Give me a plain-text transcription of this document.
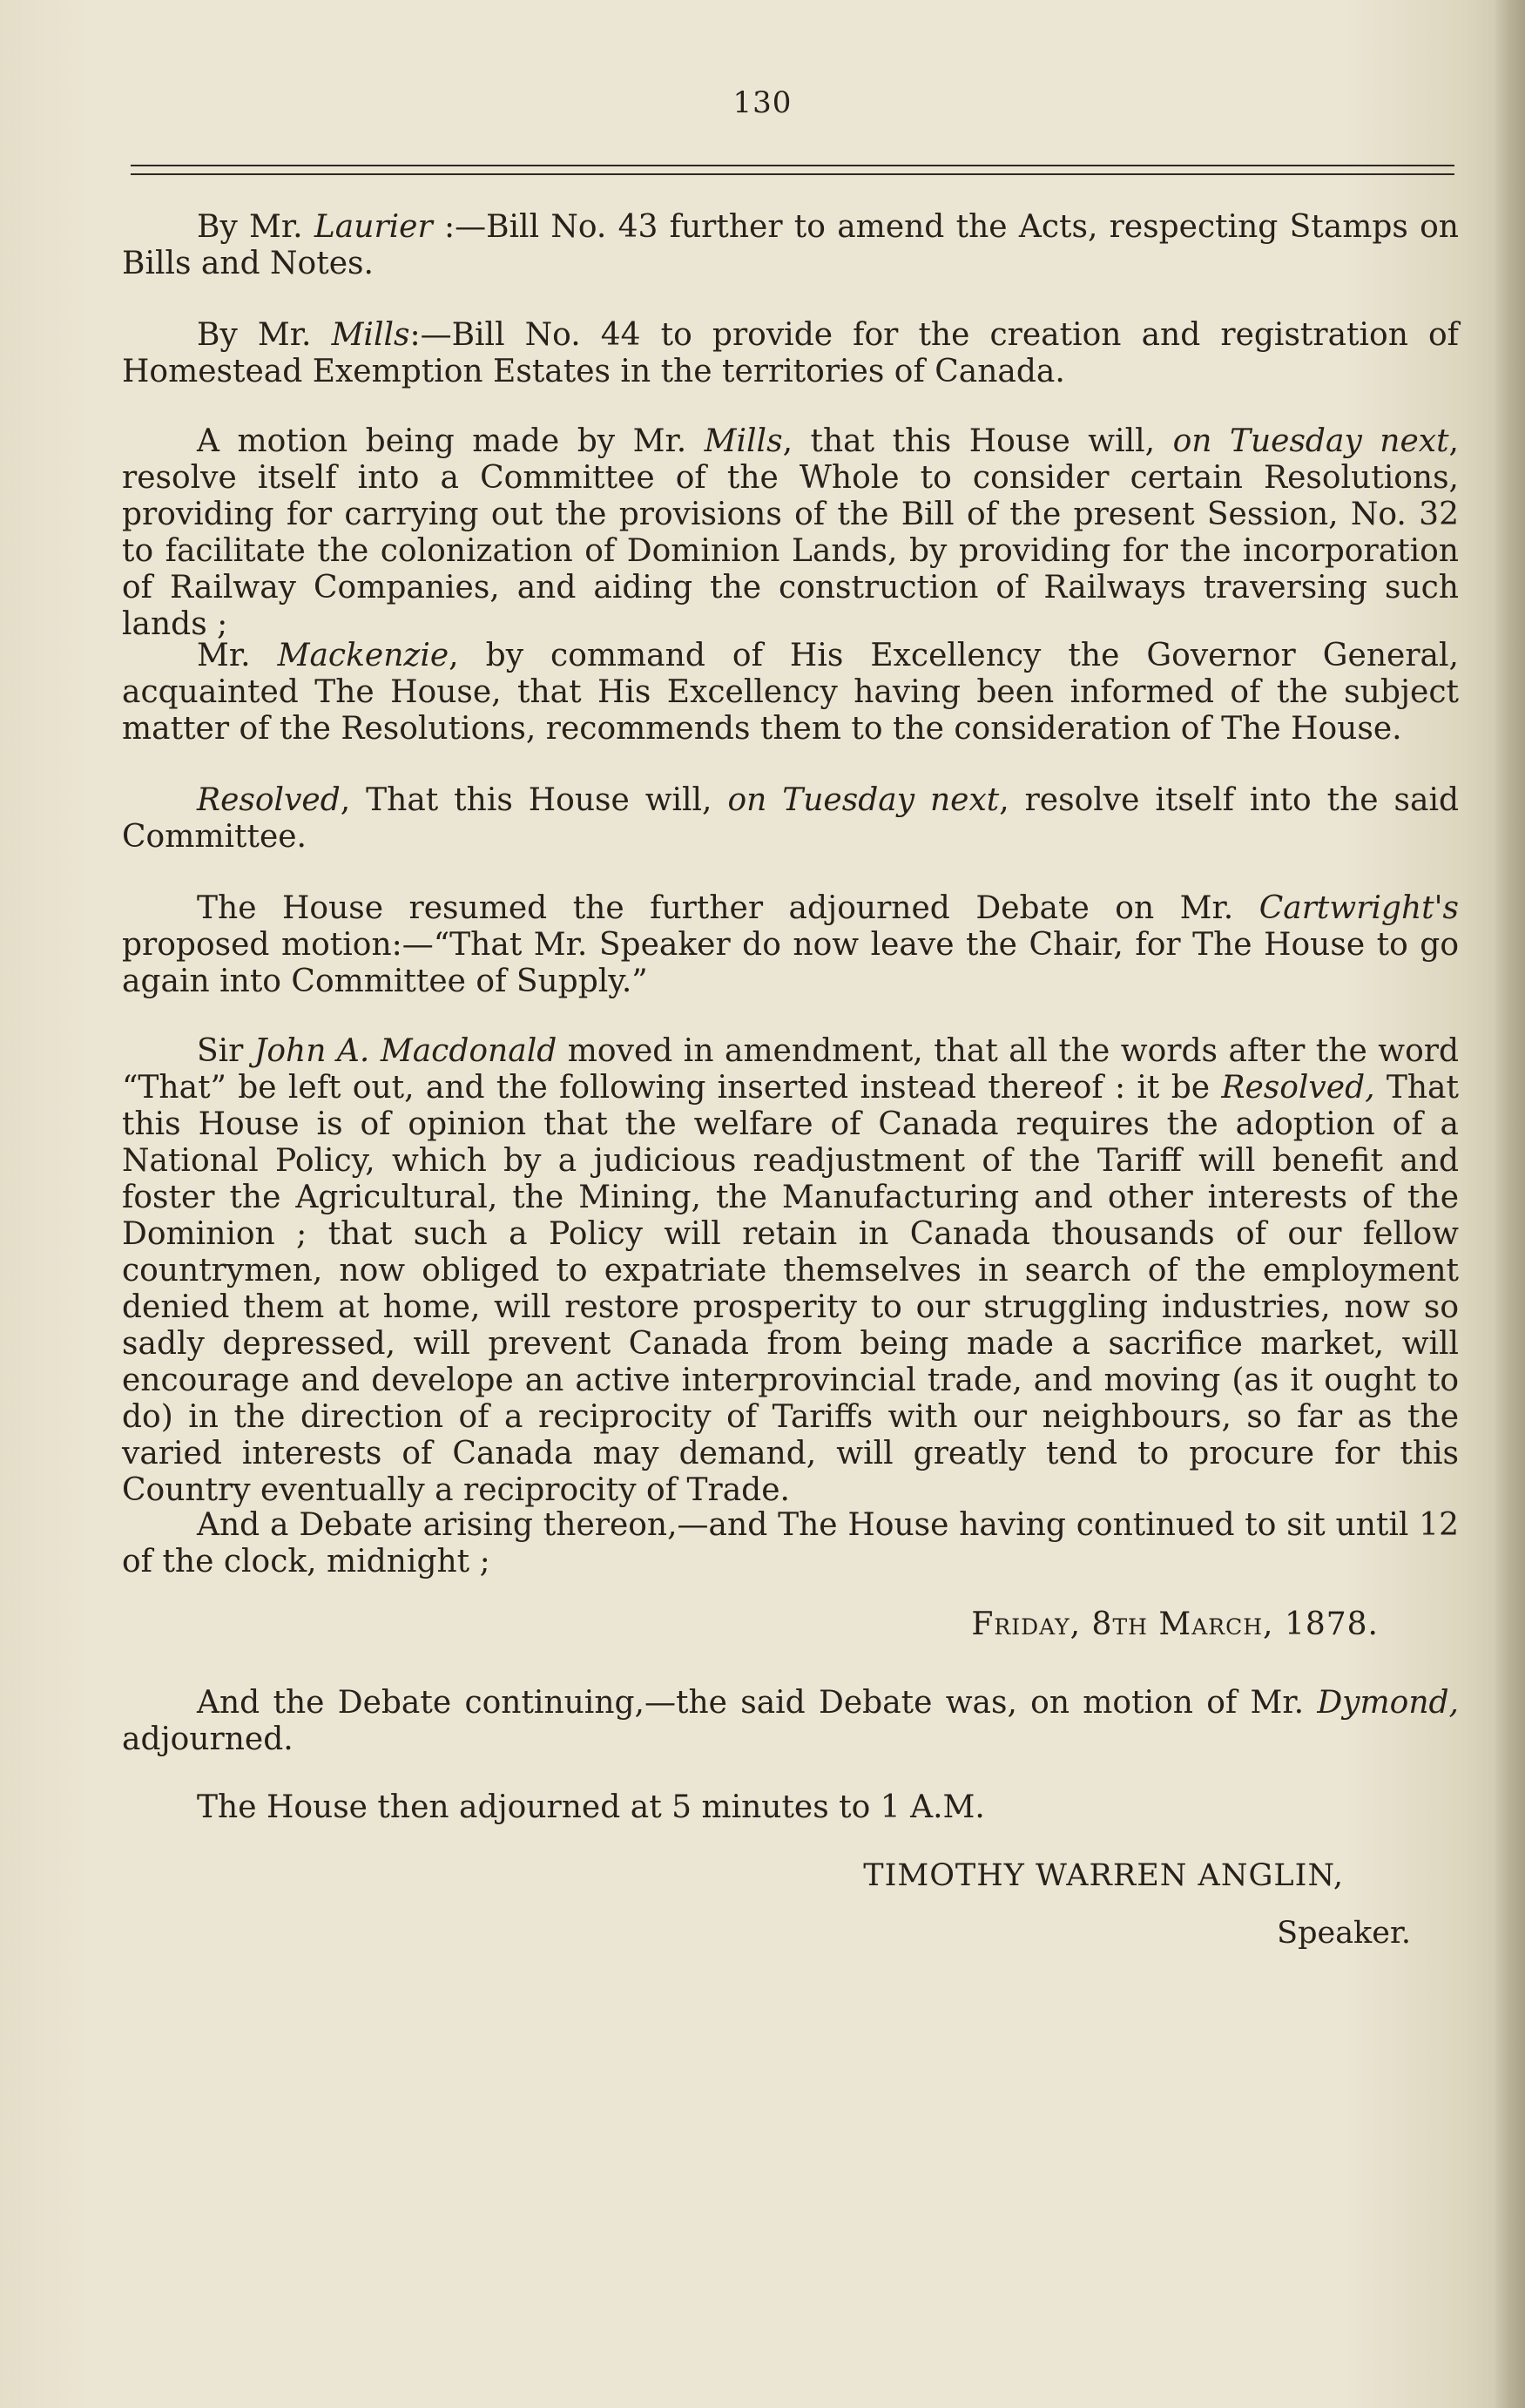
130

By Mr. Laurier :—Bill No. 43 further to amend the Acts, respecting Stamps on Bills and Notes.

By Mr. Mills:—Bill No. 44 to provide for the creation and registration of Homestead Exemption Estates in the territories of Canada.

A motion being made by Mr. Mills, that this House will, on Tuesday next, resolve itself into a Committee of the Whole to consider certain Resolutions, providing for carrying out the provisions of the Bill of the present Session, No. 32 to facilitate the colonization of Dominion Lands, by providing for the incorporation of Railway Companies, and aiding the construction of Railways traversing such lands ;

Mr. Mackenzie, by command of His Excellency the Governor General, acquainted The House, that His Excellency having been informed of the subject matter of the Resolutions, recommends them to the consideration of The House.

Resolved, That this House will, on Tuesday next, resolve itself into the said Committee.

The House resumed the further adjourned Debate on Mr. Cartwright's proposed motion:—“That Mr. Speaker do now leave the Chair, for The House to go again into Committee of Supply.”

Sir John A. Macdonald moved in amendment, that all the words after the word “That” be left out, and the following inserted instead thereof : it be Resolved, That this House is of opinion that the welfare of Canada requires the adoption of a National Policy, which by a judicious readjustment of the Tariff will benefit and foster the Agricultural, the Mining, the Manufacturing and other interests of the Dominion ; that such a Policy will retain in Canada thousands of our fellow countrymen, now obliged to expatriate themselves in search of the employment denied them at home, will restore prosperity to our struggling industries, now so sadly depressed, will prevent Canada from being made a sacrifice market, will encourage and develope an active interprovincial trade, and moving (as it ought to do) in the direction of a reciprocity of Tariffs with our neighbours, so far as the varied interests of Canada may demand, will greatly tend to procure for this Country eventually a reciprocity of Trade.

And a Debate arising thereon,—and The House having continued to sit until 12 of the clock, midnight ;

Friday, 8th March, 1878.

And the Debate continuing,—the said Debate was, on motion of Mr. Dymond, adjourned.

The House then adjourned at 5 minutes to 1 A.M.

TIMOTHY WARREN ANGLIN,
Speaker.
